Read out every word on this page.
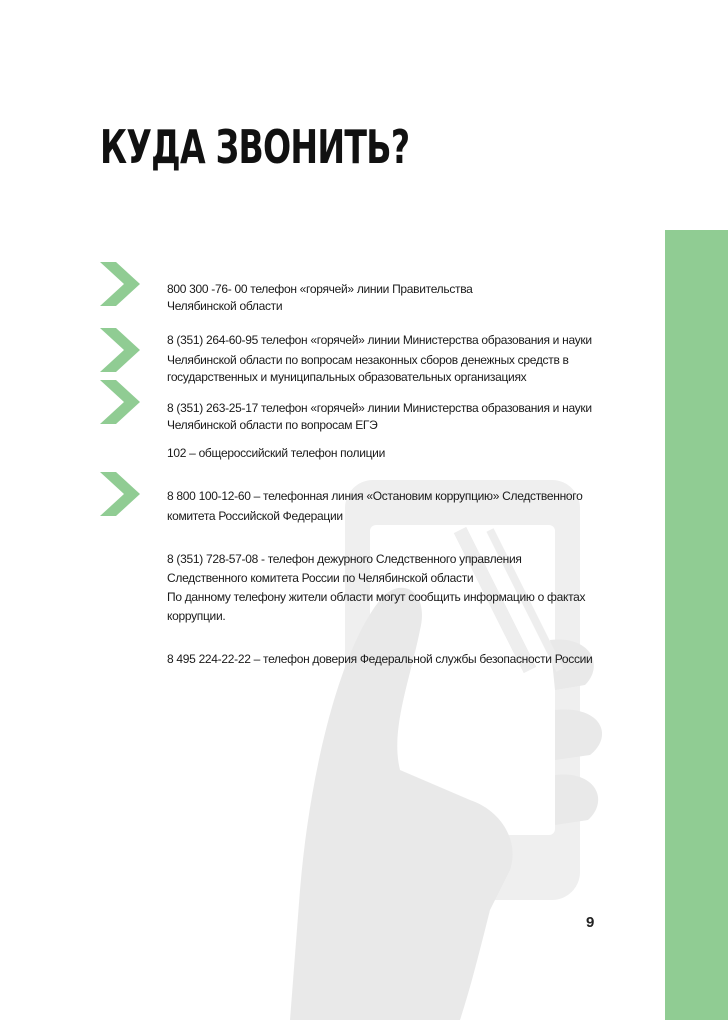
КУДА ЗВОНИТЬ?
800 300 -76- 00 телефон «горячей» линии Правительства
Челябинской области
8 (351) 264-60-95 телефон «горячей» линии Министерства образования и науки
Челябинской области по вопросам незаконных сборов денежных средств в
государственных и муниципальных образовательных организациях
8 (351) 263-25-17 телефон «горячей» линии Министерства образования и науки
Челябинской области по вопросам ЕГЭ
102 – общероссийский телефон полиции
8 800 100-12-60 – телефонная линия «Остановим коррупцию» Следственного
комитета Российской Федерации
8 (351) 728-57-08 - телефон дежурного Следственного управления
Следственного комитета России по Челябинской области
По данному телефону жители области могут сообщить информацию о фактах
коррупции.
8 495 224-22-22 – телефон доверия Федеральной службы безопасности России
9
